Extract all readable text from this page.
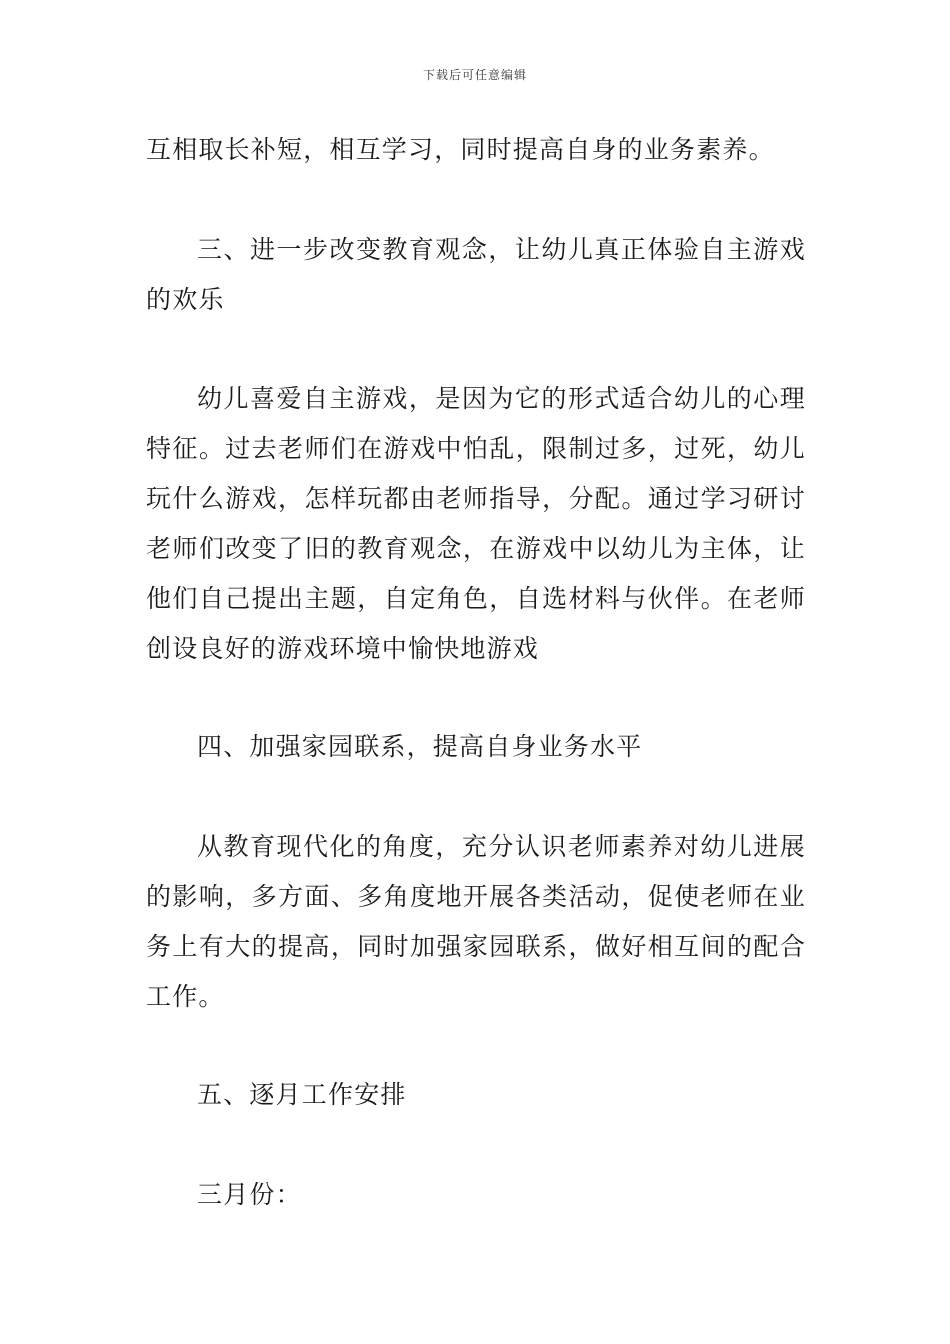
下载后可任意编辑

互相取长补短，相互学习，同时提高自身的业务素养。

三、进一步改变教育观念，让幼儿真正体验自主游戏的欢乐

幼儿喜爱自主游戏，是因为它的形式适合幼儿的心理特征。过去老师们在游戏中怕乱，限制过多，过死，幼儿玩什么游戏，怎样玩都由老师指导，分配。通过学习研讨老师们改变了旧的教育观念，在游戏中以幼儿为主体，让他们自己提出主题，自定角色，自选材料与伙伴。在老师创设良好的游戏环境中愉快地游戏

四、加强家园联系，提高自身业务水平

从教育现代化的角度，充分认识老师素养对幼儿进展的影响，多方面、多角度地开展各类活动，促使老师在业务上有大的提高，同时加强家园联系，做好相互间的配合工作。

五、逐月工作安排

三月份：
